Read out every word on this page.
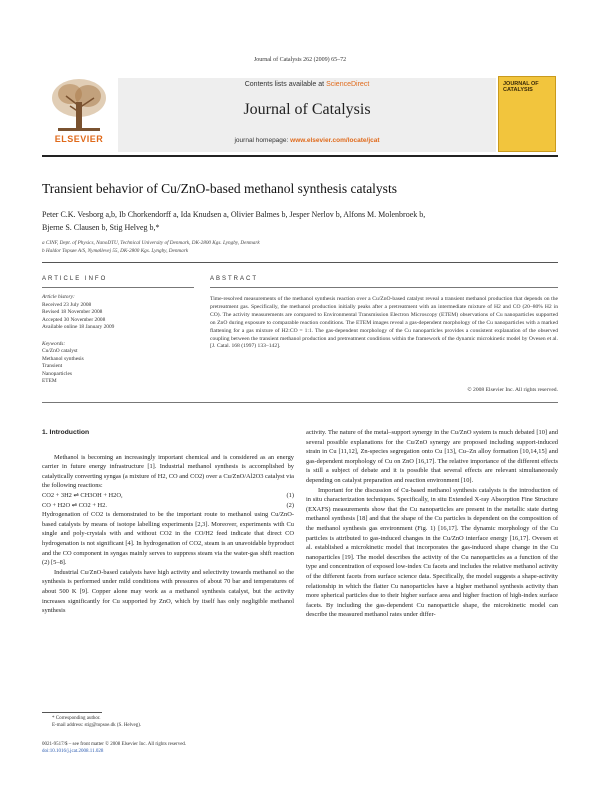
Journal of Catalysis 262 (2009) 65–72
ELSEVIER
Contents lists available at ScienceDirect
Journal of Catalysis
journal homepage: www.elsevier.com/locate/jcat
JOURNAL OF CATALYSIS
Transient behavior of Cu/ZnO-based methanol synthesis catalysts
Peter C.K. Vesborg a,b, Ib Chorkendorff a, Ida Knudsen a, Olivier Balmes b, Jesper Nerlov b, Alfons M. Molenbroek b,
Bjerne S. Clausen b, Stig Helveg b,*
a CINF, Dept. of Physics, NanoDTU, Technical University of Denmark, DK-2800 Kgs. Lyngby, Denmark
b Haldor Topsøe A/S, Nymøllevej 55, DK-2800 Kgs. Lyngby, Denmark
ARTICLE INFO	ABSTRACT
Article history:
Received 23 July 2008
Revised 18 November 2008
Accepted 30 November 2008
Available online 18 January 2009
Keywords:
Cu/ZnO catalyst
Methanol synthesis
Transient
Nanoparticles
ETEM
Time-resolved measurements of the methanol synthesis reaction over a Cu/ZnO-based catalyst reveal a transient methanol production that depends on the pretreatment gas. Specifically, the methanol production initially peaks after a pretreatment with an intermediate mixture of H2 and CO (20–80% H2 in CO). The activity measurements are compared to Environmental Transmission Electron Microscopy (ETEM) observations of Cu nanoparticles supported on ZnO during exposure to comparable reaction conditions. The ETEM images reveal a gas-dependent morphology of the Cu nanoparticles with a marked flattening for a gas mixture of H2:CO = 1:1. The gas-dependent morphology of the Cu nanoparticles provides a consistent explanation of the observed coupling between the transient methanol production and pretreatment conditions within the framework of the dynamic microkinetic model by Ovesen et al. [J. Catal. 168 (1997) 133–142].
© 2008 Elsevier Inc. All rights reserved.

1. Introduction

Methanol is becoming an increasingly important chemical and is considered as an energy carrier in future energy infrastructure [1]. Industrial methanol synthesis is accomplished by catalytically converting syngas (a mixture of H2, CO and CO2) over a Cu/ZnO/Al2O3 catalyst via the following reactions:

CO2 + 3H2 ⇌ CH3OH + H2O,	(1)

CO + H2O ⇌ CO2 + H2.	(2)

Hydrogenation of CO2 is demonstrated to be the important route to methanol using Cu/ZnO-based catalysts by means of isotope labelling experiments [2,3]. Moreover, experiments with Cu single and poly-crystals with and without CO2 in the CO/H2 feed indicate that direct CO hydrogenation is not significant [4]. In hydrogenation of CO2, steam is an unavoidable byproduct and the CO component in syngas mainly serves to suppress steam via the water-gas shift reaction (2) [5–8].

Industrial Cu/ZnO-based catalysts have high activity and selectivity towards methanol so the synthesis is performed under mild conditions with pressures of about 70 bar and temperatures of about 500 K [9]. Copper alone may work as a methanol synthesis catalyst, but the activity increases significantly for Cu supported by ZnO, which by itself has only negligible methanol synthesis

activity. The nature of the metal–support synergy in the Cu/ZnO system is much debated [10] and several possible explanations for the Cu/ZnO synergy are proposed including support-induced strain in Cu [11,12], Zn-species segregation onto Cu [13], Cu–Zn alloy formation [10,14,15] and gas-dependent morphology of Cu on ZnO [16,17]. The relative importance of the different effects is still a subject of debate and it is possible that several effects are relevant simultaneously depending on catalyst preparation and reaction environment [10].

Important for the discussion of Cu-based methanol synthesis catalysts is the introduction of in situ characterization techniques. Specifically, in situ Extended X-ray Absorption Fine Structure (EXAFS) measurements show that the Cu nanoparticles are present in the metallic state during methanol synthesis [18] and that the shape of the Cu particles is dependent on the composition of the methanol synthesis gas environment (Fig. 1) [16,17]. The dynamic morphology of the Cu particles is attributed to gas-induced changes in the Cu/ZnO interface energy [16,17]. Ovesen et al. established a microkinetic model that incorporates the gas-induced shape change in the Cu nanoparticles [19]. The model describes the activity of the Cu nanoparticles as a function of the type and concentration of exposed low-index Cu facets and includes the relative methanol activity of the different facets from surface science data. Specifically, the model suggests a shape-activity relationship in which the flatter Cu nanoparticles have a higher methanol synthesis activity than more spherical particles due to their higher surface area and higher fraction of high-index surface facets. By including the gas-dependent Cu nanoparticle shape, the microkinetic model can describe the measured methanol rates under differ-

* Corresponding author.
E-mail address: stig@topsoe.dk (S. Helveg).
0021-9517/$ – see front matter © 2008 Elsevier Inc. All rights reserved.
doi:10.1016/j.jcat.2008.11.028
